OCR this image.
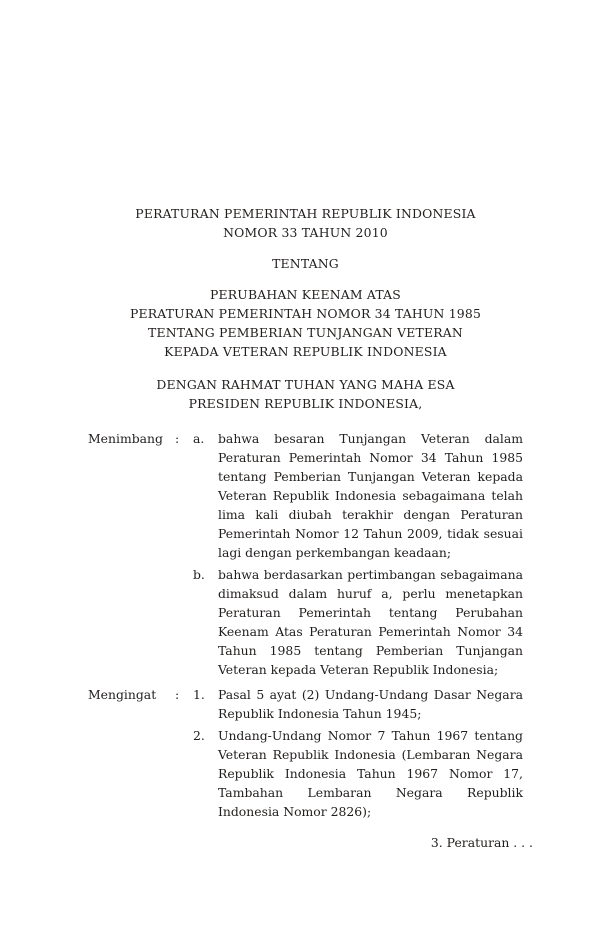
PERATURAN PEMERINTAH REPUBLIK INDONESIA
NOMOR 33 TAHUN 2010
TENTANG
PERUBAHAN KEENAM ATAS
PERATURAN PEMERINTAH NOMOR 34 TAHUN 1985
TENTANG PEMBERIAN TUNJANGAN VETERAN
KEPADA VETERAN REPUBLIK INDONESIA
DENGAN RAHMAT TUHAN YANG MAHA ESA
PRESIDEN REPUBLIK INDONESIA,
Menimbang :	a.	bahwa besaran Tunjangan Veteran dalam Peraturan Pemerintah Nomor 34 Tahun 1985 tentang Pemberian Tunjangan Veteran kepada Veteran Republik Indonesia sebagaimana telah lima kali diubah terakhir dengan Peraturan Pemerintah Nomor 12 Tahun 2009, tidak sesuai lagi dengan perkembangan keadaan;
b.	bahwa berdasarkan pertimbangan sebagaimana dimaksud dalam huruf a, perlu menetapkan Peraturan Pemerintah tentang Perubahan Keenam Atas Peraturan Pemerintah Nomor 34 Tahun 1985 tentang Pemberian Tunjangan Veteran kepada Veteran Republik Indonesia;
Mengingat	:	1.	Pasal 5 ayat (2) Undang-Undang Dasar Negara Republik Indonesia Tahun 1945;
2.	Undang-Undang Nomor 7 Tahun 1967 tentang Veteran Republik Indonesia (Lembaran Negara Republik Indonesia Tahun 1967 Nomor 17, Tambahan Lembaran Negara Republik Indonesia Nomor 2826);
3. Peraturan . . .
